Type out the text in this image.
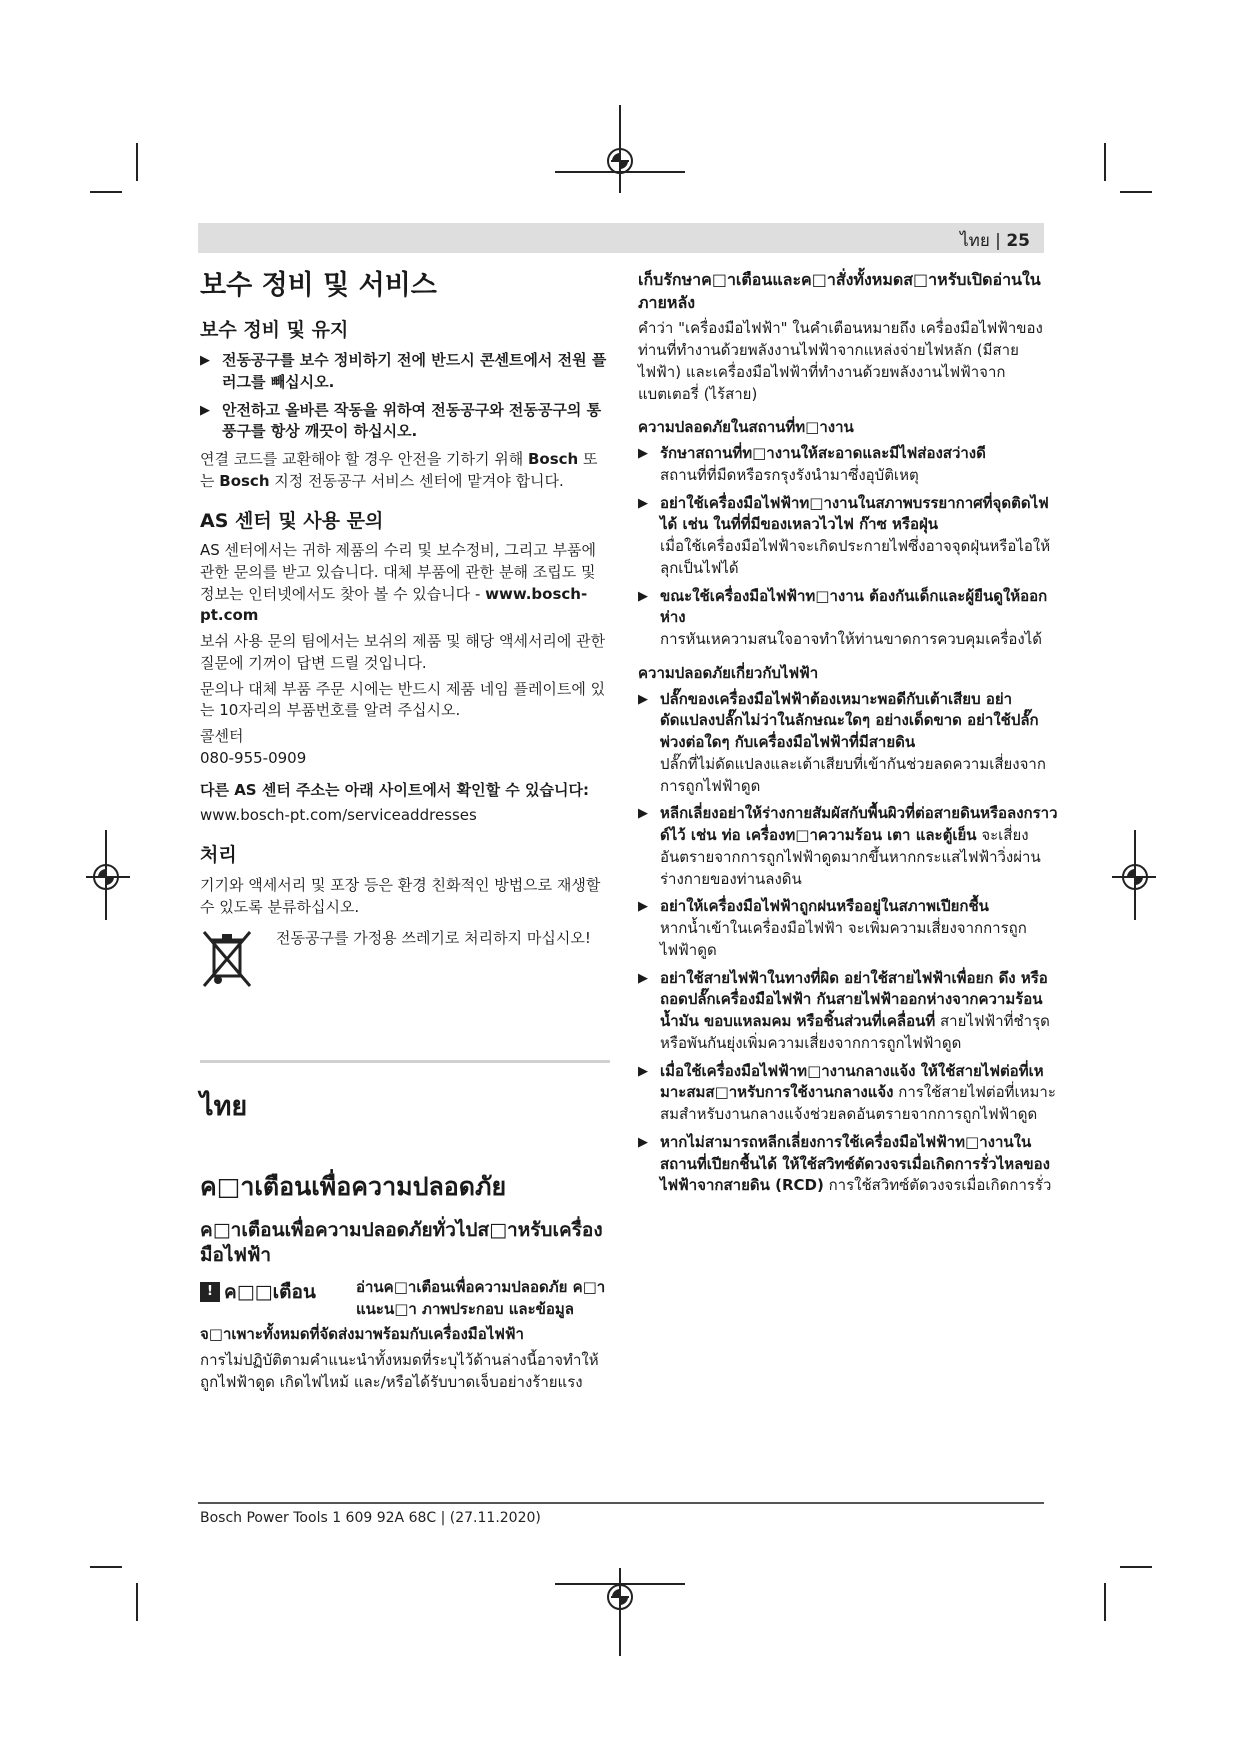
ไทย | 25
보수 정비 및 서비스
보수 정비 및 유지
▶ 전동공구를 보수 정비하기 전에 반드시 콘센트에서 전원 플러그를 빼십시오.
▶ 안전하고 올바른 작동을 위하여 전동공구와 전동공구의 통풍구를 항상 깨끗이 하십시오.
연결 코드를 교환해야 할 경우 안전을 기하기 위해 Bosch 또는 Bosch 지정 전동공구 서비스 센터에 맡겨야 합니다.
AS 센터 및 사용 문의
AS 센터에서는 귀하 제품의 수리 및 보수정비, 그리고 부품에 관한 문의를 받고 있습니다. 대체 부품에 관한 분해 조립도 및 정보는 인터넷에서도 찾아 볼 수 있습니다 - www.bosch-pt.com
보쉬 사용 문의 팀에서는 보쉬의 제품 및 해당 액세서리에 관한 질문에 기꺼이 답변 드릴 것입니다.
문의나 대체 부품 주문 시에는 반드시 제품 네임 플레이트에 있는 10자리의 부품번호를 알려 주십시오.
콜센터
080-955-0909
다른 AS 센터 주소는 아래 사이트에서 확인할 수 있습니다:
www.bosch-pt.com/serviceaddresses
처리
기기와 액세서리 및 포장 등은 환경 친화적인 방법으로 재생할 수 있도록 분류하십시오.
전동공구를 가정용 쓰레기로 처리하지 마십시오!
ไทย
ค□าเตือนเพื่อความปลอดภัย
ค□าเตือนเพื่อความปลอดภัยทั่วไปส□าหรับเครื่องมือไฟฟ้า
! ค□□เตือน	อ่านค□าเตือนเพื่อความปลอดภัย ค□าแนะน□า ภาพประกอบ และข้อมูล
จ□าเพาะทั้งหมดที่จัดส่งมาพร้อมกับเครื่องมือไฟฟ้า
การไม่ปฏิบัติตามคำแนะนำทั้งหมดที่ระบุไว้ด้านล่างนี้อาจทำให้ถูกไฟฟ้าดูด เกิดไฟไหม้ และ/หรือได้รับบาดเจ็บอย่างร้ายแรง
เก็บรักษาค□าเตือนและค□าสั่งทั้งหมดส□าหรับเปิดอ่านในภายหลัง
คำว่า "เครื่องมือไฟฟ้า" ในคำเตือนหมายถึง เครื่องมือไฟฟ้าของท่านที่ทำงานด้วยพลังงานไฟฟ้าจากแหล่งจ่ายไฟหลัก (มีสายไฟฟ้า) และเครื่องมือไฟฟ้าที่ทำงานด้วยพลังงานไฟฟ้าจากแบตเตอรี่ (ไร้สาย)
ความปลอดภัยในสถานที่ท□างาน
▶ รักษาสถานที่ท□างานให้สะอาดและมีไฟส่องสว่างดี
สถานที่ที่มืดหรือรกรุงรังนำมาซึ่งอุบัติเหตุ
▶ อย่าใช้เครื่องมือไฟฟ้าท□างานในสภาพบรรยากาศที่จุดติดไฟได้ เช่น ในที่ที่มีของเหลวไวไฟ ก๊าซ หรือฝุ่น
เมื่อใช้เครื่องมือไฟฟ้าจะเกิดประกายไฟซึ่งอาจจุดฝุ่นหรือไอให้ลุกเป็นไฟได้
▶ ขณะใช้เครื่องมือไฟฟ้าท□างาน ต้องกันเด็กและผู้ยืนดูให้ออกห่าง
การหันเหความสนใจอาจทำให้ท่านขาดการควบคุมเครื่องได้
ความปลอดภัยเกี่ยวกับไฟฟ้า
▶ ปลั๊กของเครื่องมือไฟฟ้าต้องเหมาะพอดีกับเต้าเสียบ อย่าดัดแปลงปลั๊กไม่ว่าในลักษณะใดๆ อย่างเด็ดขาด อย่าใช้ปลั๊กพ่วงต่อใดๆ กับเครื่องมือไฟฟ้าที่มีสายดิน
ปลั๊กที่ไม่ดัดแปลงและเต้าเสียบที่เข้ากันช่วยลดความเสี่ยงจากการถูกไฟฟ้าดูด
▶ หลีกเลี่ยงอย่าให้ร่างกายสัมผัสกับพื้นผิวที่ต่อสายดินหรือลงกราวด์ไว้ เช่น ท่อ เครื่องท□าความร้อน เตา และตู้เย็น จะเสี่ยงอันตรายจากการถูกไฟฟ้าดูดมากขึ้นหากกระแสไฟฟ้าวิ่งผ่านร่างกายของท่านลงดิน
▶ อย่าให้เครื่องมือไฟฟ้าถูกฝนหรืออยู่ในสภาพเปียกชื้น
หากน้ำเข้าในเครื่องมือไฟฟ้า จะเพิ่มความเสี่ยงจากการถูกไฟฟ้าดูด
▶ อย่าใช้สายไฟฟ้าในทางที่ผิด อย่าใช้สายไฟฟ้าเพื่อยก ดึง หรือถอดปลั๊กเครื่องมือไฟฟ้า กันสายไฟฟ้าออกห่างจากความร้อน น้ำมัน ขอบแหลมคม หรือชิ้นส่วนที่เคลื่อนที่ สายไฟฟ้าที่ชำรุดหรือพันกันยุ่งเพิ่มความเสี่ยงจากการถูกไฟฟ้าดูด
▶ เมื่อใช้เครื่องมือไฟฟ้าท□างานกลางแจ้ง ให้ใช้สายไฟต่อที่เหมาะสมส□าหรับการใช้งานกลางแจ้ง การใช้สายไฟต่อที่เหมาะสมสำหรับงานกลางแจ้งช่วยลดอันตรายจากการถูกไฟฟ้าดูด
▶ หากไม่สามารถหลีกเลี่ยงการใช้เครื่องมือไฟฟ้าท□างานในสถานที่เปียกชื้นได้ ให้ใช้สวิทซ์ตัดวงจรเมื่อเกิดการรั่วไหลของไฟฟ้าจากสายดิน (RCD) การใช้สวิทซ์ตัดวงจรเมื่อเกิดการรั่ว
Bosch Power Tools 1 609 92A 68C | (27.11.2020)
